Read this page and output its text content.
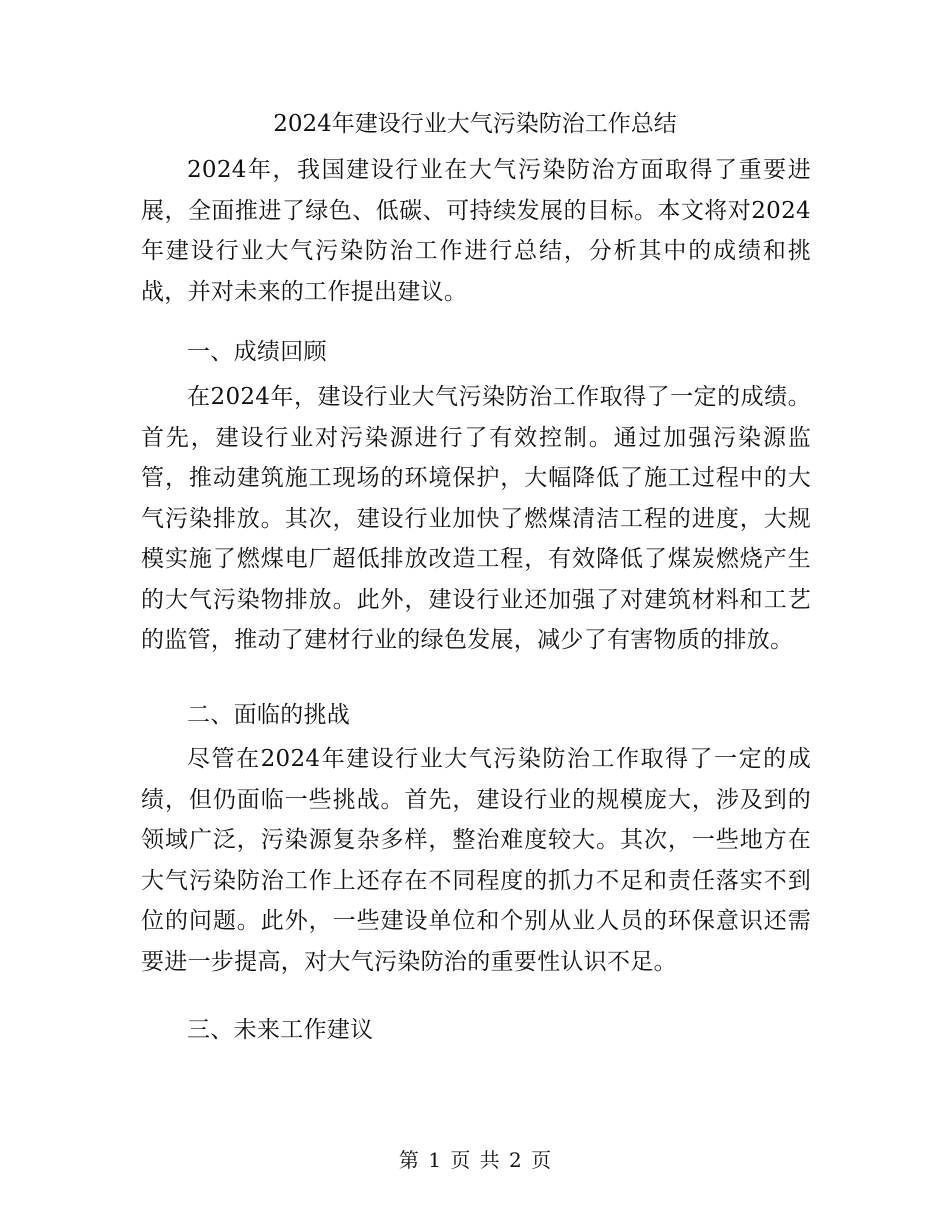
2024年建设行业大气污染防治工作总结

2024年，我国建设行业在大气污染防治方面取得了重要进展，全面推进了绿色、低碳、可持续发展的目标。本文将对2024年建设行业大气污染防治工作进行总结，分析其中的成绩和挑战，并对未来的工作提出建议。

一、成绩回顾

在2024年，建设行业大气污染防治工作取得了一定的成绩。首先，建设行业对污染源进行了有效控制。通过加强污染源监管，推动建筑施工现场的环境保护，大幅降低了施工过程中的大气污染排放。其次，建设行业加快了燃煤清洁工程的进度，大规模实施了燃煤电厂超低排放改造工程，有效降低了煤炭燃烧产生的大气污染物排放。此外，建设行业还加强了对建筑材料和工艺的监管，推动了建材行业的绿色发展，减少了有害物质的排放。

二、面临的挑战

尽管在2024年建设行业大气污染防治工作取得了一定的成绩，但仍面临一些挑战。首先，建设行业的规模庞大，涉及到的领域广泛，污染源复杂多样，整治难度较大。其次，一些地方在大气污染防治工作上还存在不同程度的抓力不足和责任落实不到位的问题。此外，一些建设单位和个别从业人员的环保意识还需要进一步提高，对大气污染防治的重要性认识不足。

三、未来工作建议
第 1 页 共 2 页
